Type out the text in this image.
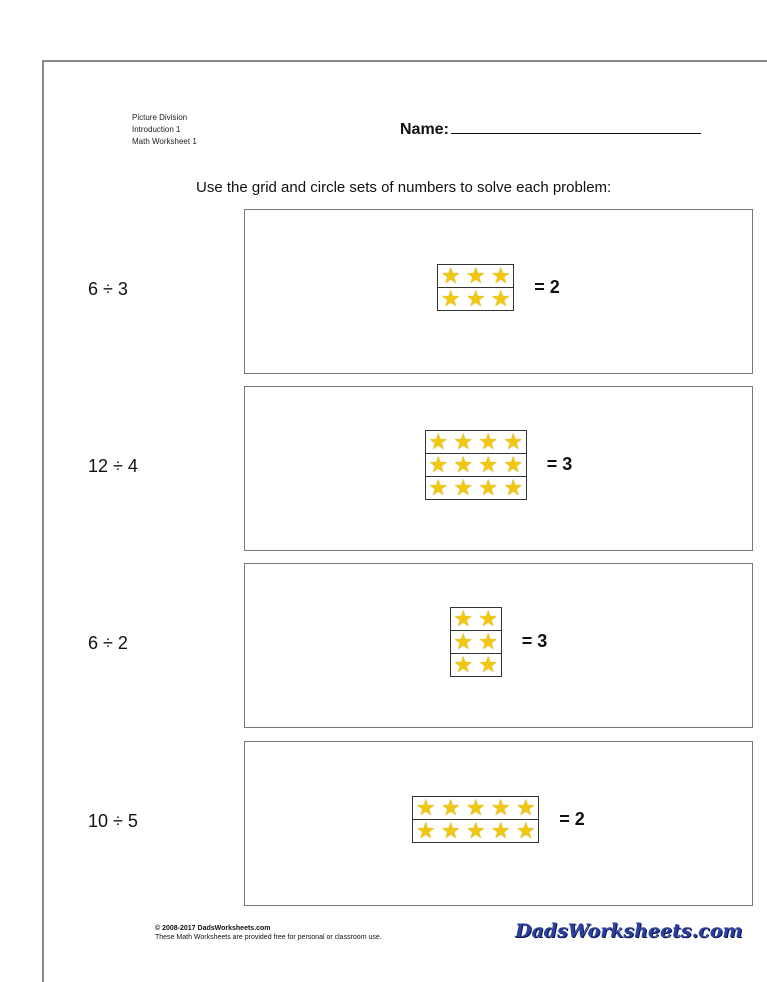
Picture Division
Introduction 1
Math Worksheet 1
Name:
Use the grid and circle sets of numbers to solve each problem:
6 ÷ 3
★ ★ ★
★ ★ ★ = 2
12 ÷ 4
★ ★ ★ ★
★ ★ ★ ★
★ ★ ★ ★
= 3
6 ÷ 2
★ ★
★ ★
★ ★
= 3
10 ÷ 5
★ ★ ★ ★ ★
★ ★ ★ ★ ★ = 2
© 2008-2017 DadsWorksheets.com
These Math Worksheets are provided free for personal or classroom use.	DadsWorksheets.com
